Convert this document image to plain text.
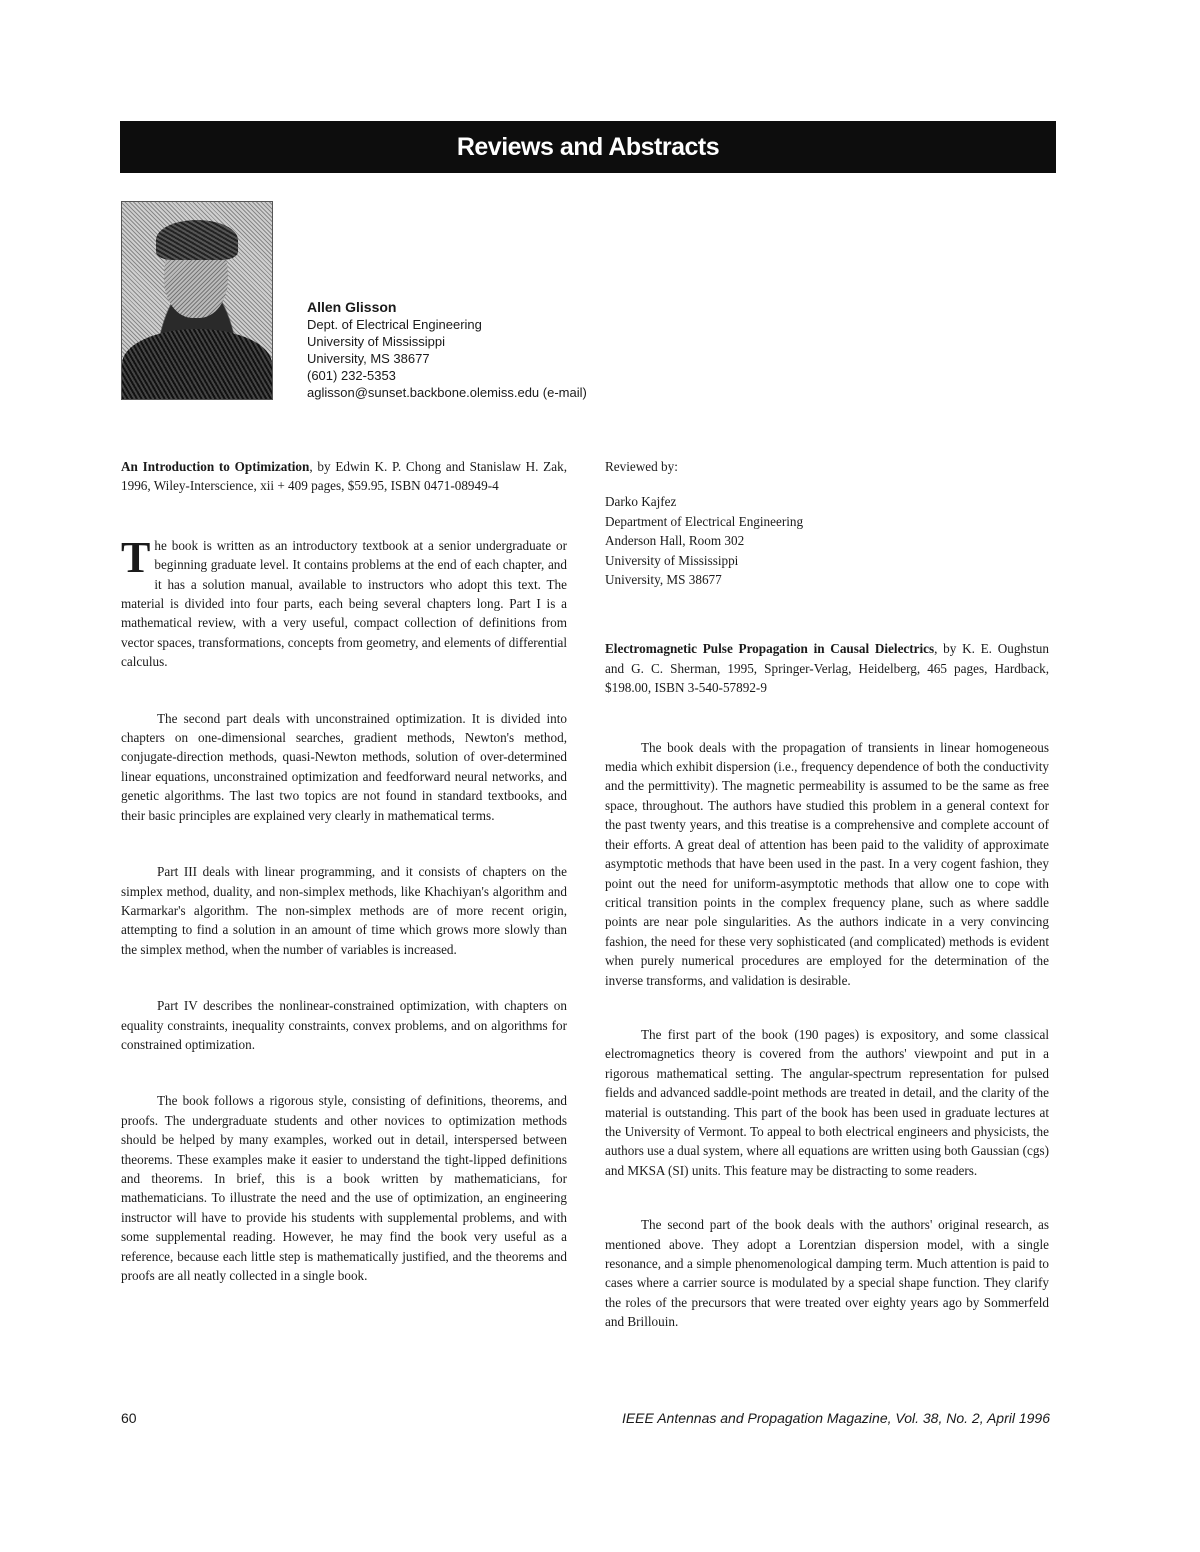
Reviews and Abstracts
Allen Glisson
Dept. of Electrical Engineering
University of Mississippi
University, MS 38677
(601) 232-5353
aglisson@sunset.backbone.olemiss.edu (e-mail)

An Introduction to Optimization, by Edwin K. P. Chong and Stanislaw H. Zak, 1996, Wiley-Interscience, xii + 409 pages, $59.95, ISBN 0471-08949-4

The book is written as an introductory textbook at a senior undergraduate or beginning graduate level. It contains problems at the end of each chapter, and it has a solution manual, available to instructors who adopt this text. The material is divided into four parts, each being several chapters long. Part I is a mathematical review, with a very useful, compact collection of definitions from vector spaces, transformations, concepts from geometry, and elements of differential calculus.

The second part deals with unconstrained optimization. It is divided into chapters on one-dimensional searches, gradient methods, Newton's method, conjugate-direction methods, quasi-Newton methods, solution of over-determined linear equations, unconstrained optimization and feedforward neural networks, and genetic algorithms. The last two topics are not found in standard textbooks, and their basic principles are explained very clearly in mathematical terms.

Part III deals with linear programming, and it consists of chapters on the simplex method, duality, and non-simplex methods, like Khachiyan's algorithm and Karmarkar's algorithm. The non-simplex methods are of more recent origin, attempting to find a solution in an amount of time which grows more slowly than the simplex method, when the number of variables is increased.

Part IV describes the nonlinear-constrained optimization, with chapters on equality constraints, inequality constraints, convex problems, and on algorithms for constrained optimization.

The book follows a rigorous style, consisting of definitions, theorems, and proofs. The undergraduate students and other novices to optimization methods should be helped by many examples, worked out in detail, interspersed between theorems. These examples make it easier to understand the tight-lipped definitions and theorems. In brief, this is a book written by mathematicians, for mathematicians. To illustrate the need and the use of optimization, an engineering instructor will have to provide his students with supplemental problems, and with some supplemental reading. However, he may find the book very useful as a reference, because each little step is mathematically justified, and the theorems and proofs are all neatly collected in a single book.

Reviewed by:

Darko Kajfez
Department of Electrical Engineering
Anderson Hall, Room 302
University of Mississippi
University, MS 38677

Electromagnetic Pulse Propagation in Causal Dielectrics, by K. E. Oughstun and G. C. Sherman, 1995, Springer-Verlag, Heidelberg, 465 pages, Hardback, $198.00, ISBN 3-540-57892-9

The book deals with the propagation of transients in linear homogeneous media which exhibit dispersion (i.e., frequency dependence of both the conductivity and the permittivity). The magnetic permeability is assumed to be the same as free space, throughout. The authors have studied this problem in a general context for the past twenty years, and this treatise is a comprehensive and complete account of their efforts. A great deal of attention has been paid to the validity of approximate asymptotic methods that have been used in the past. In a very cogent fashion, they point out the need for uniform-asymptotic methods that allow one to cope with critical transition points in the complex frequency plane, such as where saddle points are near pole singularities. As the authors indicate in a very convincing fashion, the need for these very sophisticated (and complicated) methods is evident when purely numerical procedures are employed for the determination of the inverse transforms, and validation is desirable.

The first part of the book (190 pages) is expository, and some classical electromagnetics theory is covered from the authors' viewpoint and put in a rigorous mathematical setting. The angular-spectrum representation for pulsed fields and advanced saddle-point methods are treated in detail, and the clarity of the material is outstanding. This part of the book has been used in graduate lectures at the University of Vermont. To appeal to both electrical engineers and physicists, the authors use a dual system, where all equations are written using both Gaussian (cgs) and MKSA (SI) units. This feature may be distracting to some readers.

The second part of the book deals with the authors' original research, as mentioned above. They adopt a Lorentzian dispersion model, with a single resonance, and a simple phenomenological damping term. Much attention is paid to cases where a carrier source is modulated by a special shape function. They clarify the roles of the precursors that were treated over eighty years ago by Sommerfeld and Brillouin.

60	IEEE Antennas and Propagation Magazine, Vol. 38, No. 2, April 1996
